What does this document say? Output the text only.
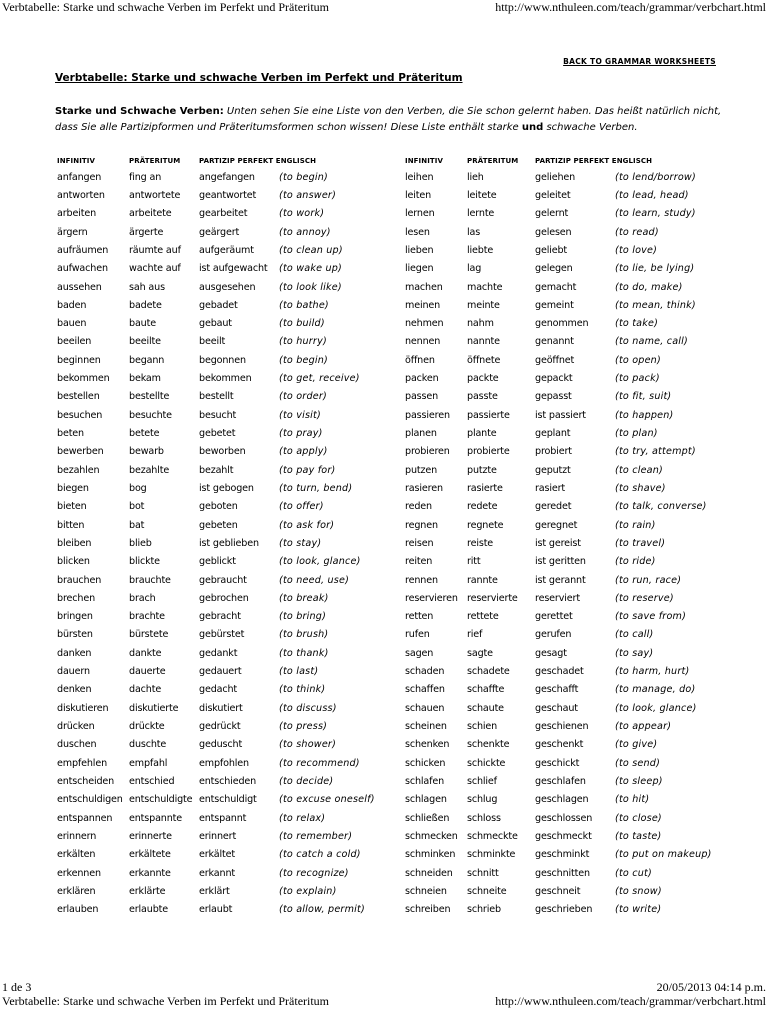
Verbtabelle: Starke und schwache Verben im Perfekt und Präteritum	http://www.nthuleen.com/teach/grammar/verbchart.html
BACK TO GRAMMAR WORKSHEETS
Verbtabelle: Starke und schwache Verben im Perfekt und Präteritum
Starke und Schwache Verben: Unten sehen Sie eine Liste von den Verben, die Sie schon gelernt haben. Das heißt natürlich nicht, dass Sie alle Partizipformen und Präteritumsformen schon wissen! Diese Liste enthält starke und schwache Verben.
INFINITIV	PRÄTERITUM	PARTIZIP PERFEKT ENGLISCH	
anfangen	fing an	angefangen	(to begin)
antworten	antwortete	geantwortet	(to answer)
arbeiten	arbeitete	gearbeitet	(to work)
ärgern	ärgerte	geärgert	(to annoy)
aufräumen	räumte auf	aufgeräumt	(to clean up)
aufwachen	wachte auf	ist aufgewacht	(to wake up)
aussehen	sah aus	ausgesehen	(to look like)
baden	badete	gebadet	(to bathe)
bauen	baute	gebaut	(to build)
beeilen	beeilte	beeilt	(to hurry)
beginnen	begann	begonnen	(to begin)
bekommen	bekam	bekommen	(to get, receive)
bestellen	bestellte	bestellt	(to order)
besuchen	besuchte	besucht	(to visit)
beten	betete	gebetet	(to pray)
bewerben	bewarb	beworben	(to apply)
bezahlen	bezahlte	bezahlt	(to pay for)
biegen	bog	ist gebogen	(to turn, bend)
bieten	bot	geboten	(to offer)
bitten	bat	gebeten	(to ask for)
bleiben	blieb	ist geblieben	(to stay)
blicken	blickte	geblickt	(to look, glance)
brauchen	brauchte	gebraucht	(to need, use)
brechen	brach	gebrochen	(to break)
bringen	brachte	gebracht	(to bring)
bürsten	bürstete	gebürstet	(to brush)
danken	dankte	gedankt	(to thank)
dauern	dauerte	gedauert	(to last)
denken	dachte	gedacht	(to think)
diskutieren	diskutierte	diskutiert	(to discuss)
drücken	drückte	gedrückt	(to press)
duschen	duschte	geduscht	(to shower)
empfehlen	empfahl	empfohlen	(to recommend)
entscheiden	entschied	entschieden	(to decide)
entschuldigen	entschuldigte	entschuldigt	(to excuse oneself)
entspannen	entspannte	entspannt	(to relax)
erinnern	erinnerte	erinnert	(to remember)
erkälten	erkältete	erkältet	(to catch a cold)
erkennen	erkannte	erkannt	(to recognize)
erklären	erklärte	erklärt	(to explain)
erlauben	erlaubte	erlaubt	(to allow, permit)
INFINITIV	PRÄTERITUM	PARTIZIP PERFEKT ENGLISCH	
leihen	lieh	geliehen	(to lend/borrow)
leiten	leitete	geleitet	(to lead, head)
lernen	lernte	gelernt	(to learn, study)
lesen	las	gelesen	(to read)
lieben	liebte	geliebt	(to love)
liegen	lag	gelegen	(to lie, be lying)
machen	machte	gemacht	(to do, make)
meinen	meinte	gemeint	(to mean, think)
nehmen	nahm	genommen	(to take)
nennen	nannte	genannt	(to name, call)
öffnen	öffnete	geöffnet	(to open)
packen	packte	gepackt	(to pack)
passen	passte	gepasst	(to fit, suit)
passieren	passierte	ist passiert	(to happen)
planen	plante	geplant	(to plan)
probieren	probierte	probiert	(to try, attempt)
putzen	putzte	geputzt	(to clean)
rasieren	rasierte	rasiert	(to shave)
reden	redete	geredet	(to talk, converse)
regnen	regnete	geregnet	(to rain)
reisen	reiste	ist gereist	(to travel)
reiten	ritt	ist geritten	(to ride)
rennen	rannte	ist gerannt	(to run, race)
reservieren	reservierte	reserviert	(to reserve)
retten	rettete	gerettet	(to save from)
rufen	rief	gerufen	(to call)
sagen	sagte	gesagt	(to say)
schaden	schadete	geschadet	(to harm, hurt)
schaffen	schaffte	geschafft	(to manage, do)
schauen	schaute	geschaut	(to look, glance)
scheinen	schien	geschienen	(to appear)
schenken	schenkte	geschenkt	(to give)
schicken	schickte	geschickt	(to send)
schlafen	schlief	geschlafen	(to sleep)
schlagen	schlug	geschlagen	(to hit)
schließen	schloss	geschlossen	(to close)
schmecken	schmeckte	geschmeckt	(to taste)
schminken	schminkte	geschminkt	(to put on makeup)
schneiden	schnitt	geschnitten	(to cut)
schneien	schneite	geschneit	(to snow)
schreiben	schrieb	geschrieben	(to write)
1 de 3	20/05/2013 04:14 p.m.
Verbtabelle: Starke und schwache Verben im Perfekt und Präteritum	http://www.nthuleen.com/teach/grammar/verbchart.html
